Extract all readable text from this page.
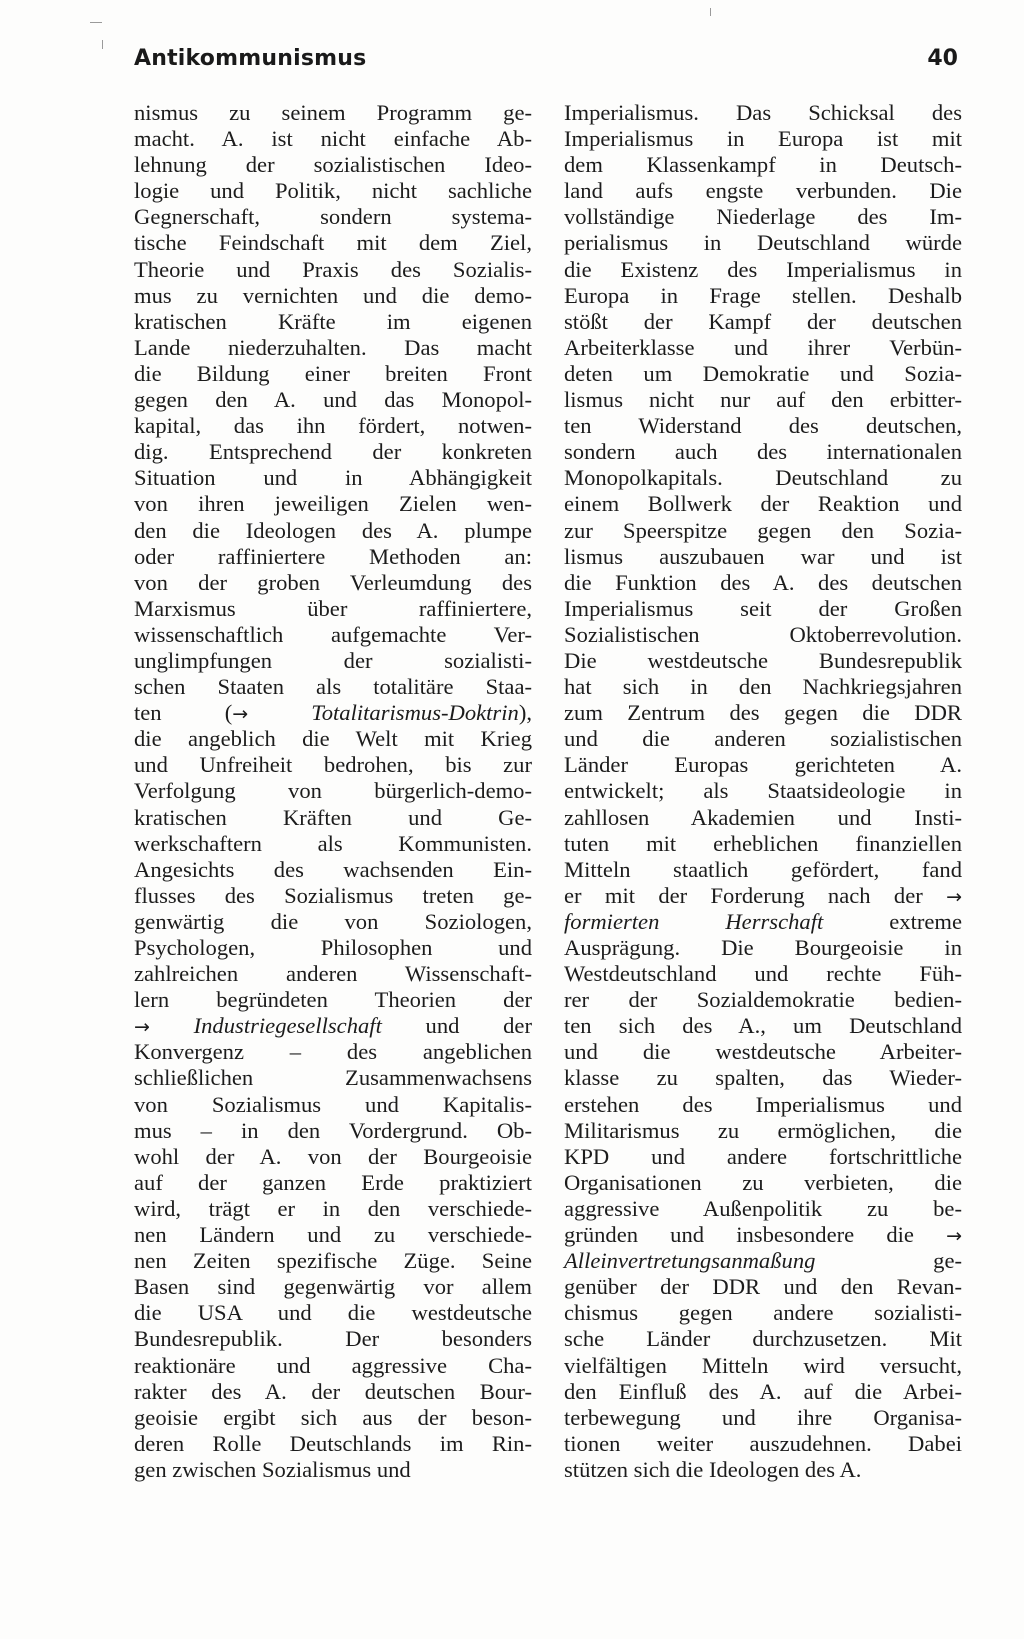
Antikommunismus	40
nismus zu seinem Programm ge-
macht. A. ist nicht einfache Ab-
lehnung der sozialistischen Ideo-
logie und Politik, nicht sachliche
Gegnerschaft, sondern systema-
tische Feindschaft mit dem Ziel,
Theorie und Praxis des Sozialis-
mus zu vernichten und die demo-
kratischen Kräfte im eigenen
Lande niederzuhalten. Das macht
die Bildung einer breiten Front
gegen den A. und das Monopol-
kapital, das ihn fördert, notwen-
dig. Entsprechend der konkreten
Situation und in Abhängigkeit
von ihren jeweiligen Zielen wen-
den die Ideologen des A. plumpe
oder raffiniertere Methoden an:
von der groben Verleumdung des
Marxismus über raffiniertere,
wissenschaftlich aufgemachte Ver-
unglimpfungen der sozialisti-
schen Staaten als totalitäre Staa-
ten (→	Totalitarismus-Doktrin),
die angeblich die Welt mit Krieg
und Unfreiheit bedrohen, bis zur
Verfolgung von bürgerlich-demo-
kratischen Kräften und Ge-
werkschaftern als Kommunisten.
Angesichts des wachsenden Ein-
flusses des Sozialismus treten ge-
genwärtig die von Soziologen,
Psychologen, Philosophen und
zahlreichen anderen Wissenschaft-
lern begründeten Theorien der
→ Industriegesellschaft und der
Konvergenz – des angeblichen
schließlichen Zusammenwachsens
von Sozialismus und Kapitalis-
mus – in den Vordergrund. Ob-
wohl der A. von der Bourgeoisie
auf der ganzen Erde praktiziert
wird, trägt er in den verschiede-
nen Ländern und zu verschiede-
nen Zeiten spezifische Züge. Seine
Basen sind gegenwärtig vor allem
die USA und die westdeutsche
Bundesrepublik. Der besonders
reaktionäre und aggressive Cha-
rakter des A. der deutschen Bour-
geoisie ergibt sich aus der beson-
deren Rolle Deutschlands im Rin-
gen zwischen Sozialismus und
Imperialismus. Das Schicksal des
Imperialismus in Europa ist mit
dem Klassenkampf in Deutsch-
land aufs engste verbunden. Die
vollständige Niederlage des Im-
perialismus in Deutschland würde
die Existenz des Imperialismus in
Europa in Frage stellen. Deshalb
stößt der Kampf der deutschen
Arbeiterklasse und ihrer Verbün-
deten um Demokratie und Sozia-
lismus nicht nur auf den erbitter-
ten Widerstand des deutschen,
sondern auch des internationalen
Monopolkapitals. Deutschland zu
einem Bollwerk der Reaktion und
zur Speerspitze gegen den Sozia-
lismus auszubauen war und ist
die Funktion des A. des deutschen
Imperialismus seit der Großen
Sozialistischen Oktoberrevolution.
Die westdeutsche Bundesrepublik
hat sich in den Nachkriegsjahren
zum Zentrum des gegen die DDR
und die anderen sozialistischen
Länder Europas gerichteten A.
entwickelt; als Staatsideologie in
zahllosen Akademien und Insti-
tuten mit erheblichen finanziellen
Mitteln staatlich gefördert, fand
er mit der Forderung nach der →
formierten Herrschaft extreme
Ausprägung. Die Bourgeoisie in
Westdeutschland und rechte Füh-
rer der Sozialdemokratie bedien-
ten sich des A., um Deutschland
und die westdeutsche Arbeiter-
klasse zu spalten, das Wieder-
erstehen des Imperialismus und
Militarismus zu ermöglichen, die
KPD und andere fortschrittliche
Organisationen zu verbieten, die
aggressive Außenpolitik zu be-
gründen und insbesondere die →
Alleinvertretungsanmaßung ge-
genüber der DDR und den Revan-
chismus gegen andere sozialisti-
sche Länder durchzusetzen. Mit
vielfältigen Mitteln wird versucht,
den Einfluß des A. auf die Arbei-
terbewegung und ihre Organisa-
tionen weiter auszudehnen. Dabei
stützen sich die Ideologen des A.
